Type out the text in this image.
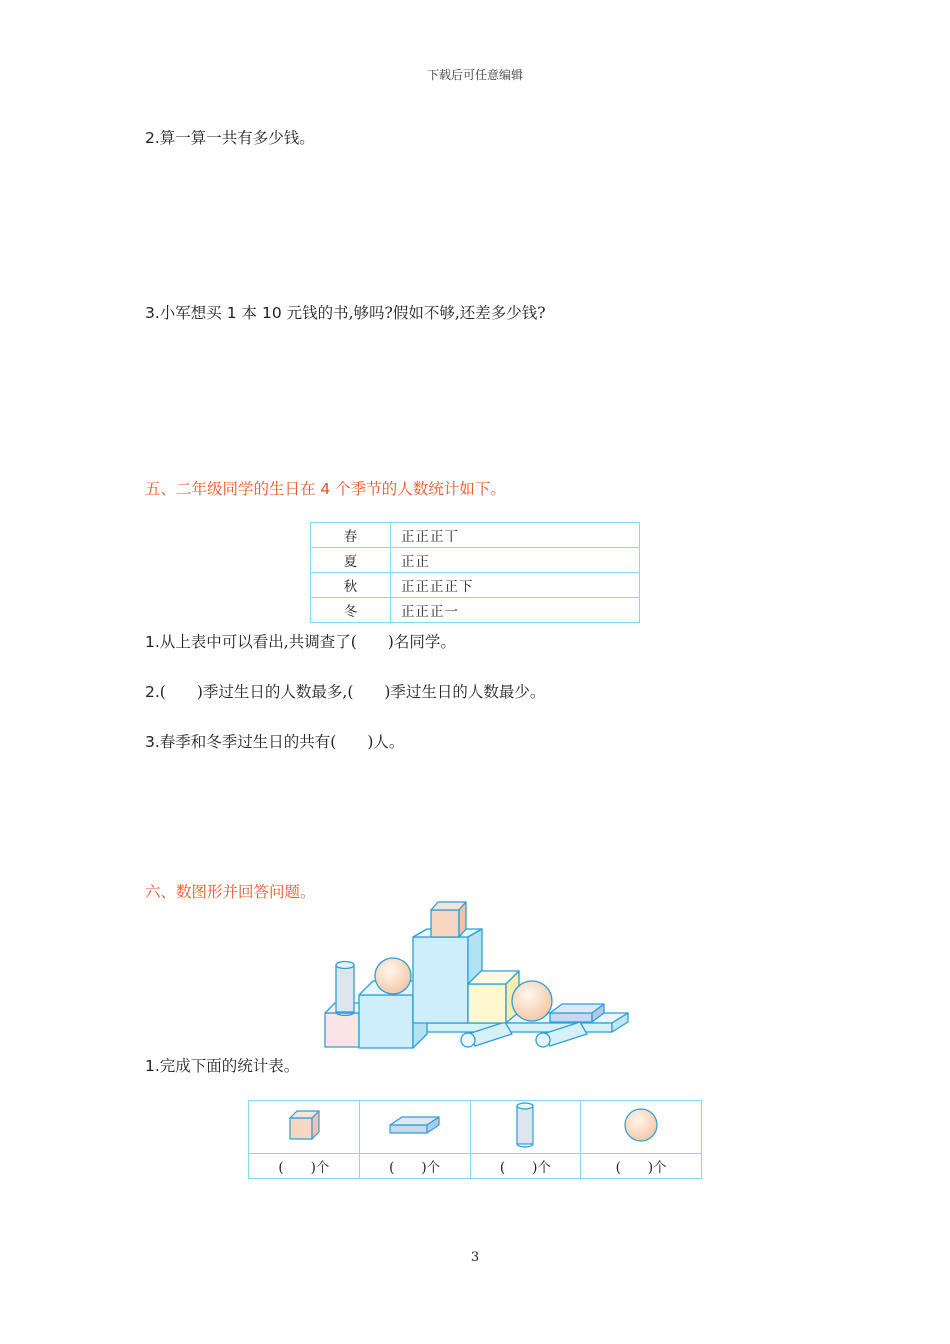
下载后可任意编辑
2.算一算一共有多少钱。
3.小军想买 1 本 10 元钱的书,够吗?假如不够,还差多少钱?
五、二年级同学的生日在 4 个季节的人数统计如下。
春	正正正丅
夏	正正
秋	正正正正下
冬	正正正一
1.从上表中可以看出,共调查了(　　)名同学。
2.(　　)季过生日的人数最多,(　　)季过生日的人数最少。
3.春季和冬季过生日的共有(　　)人。
六、数图形并回答问题。
1.完成下面的统计表。

(　　)个	(　　)个	(　　)个	(　　)个
3
